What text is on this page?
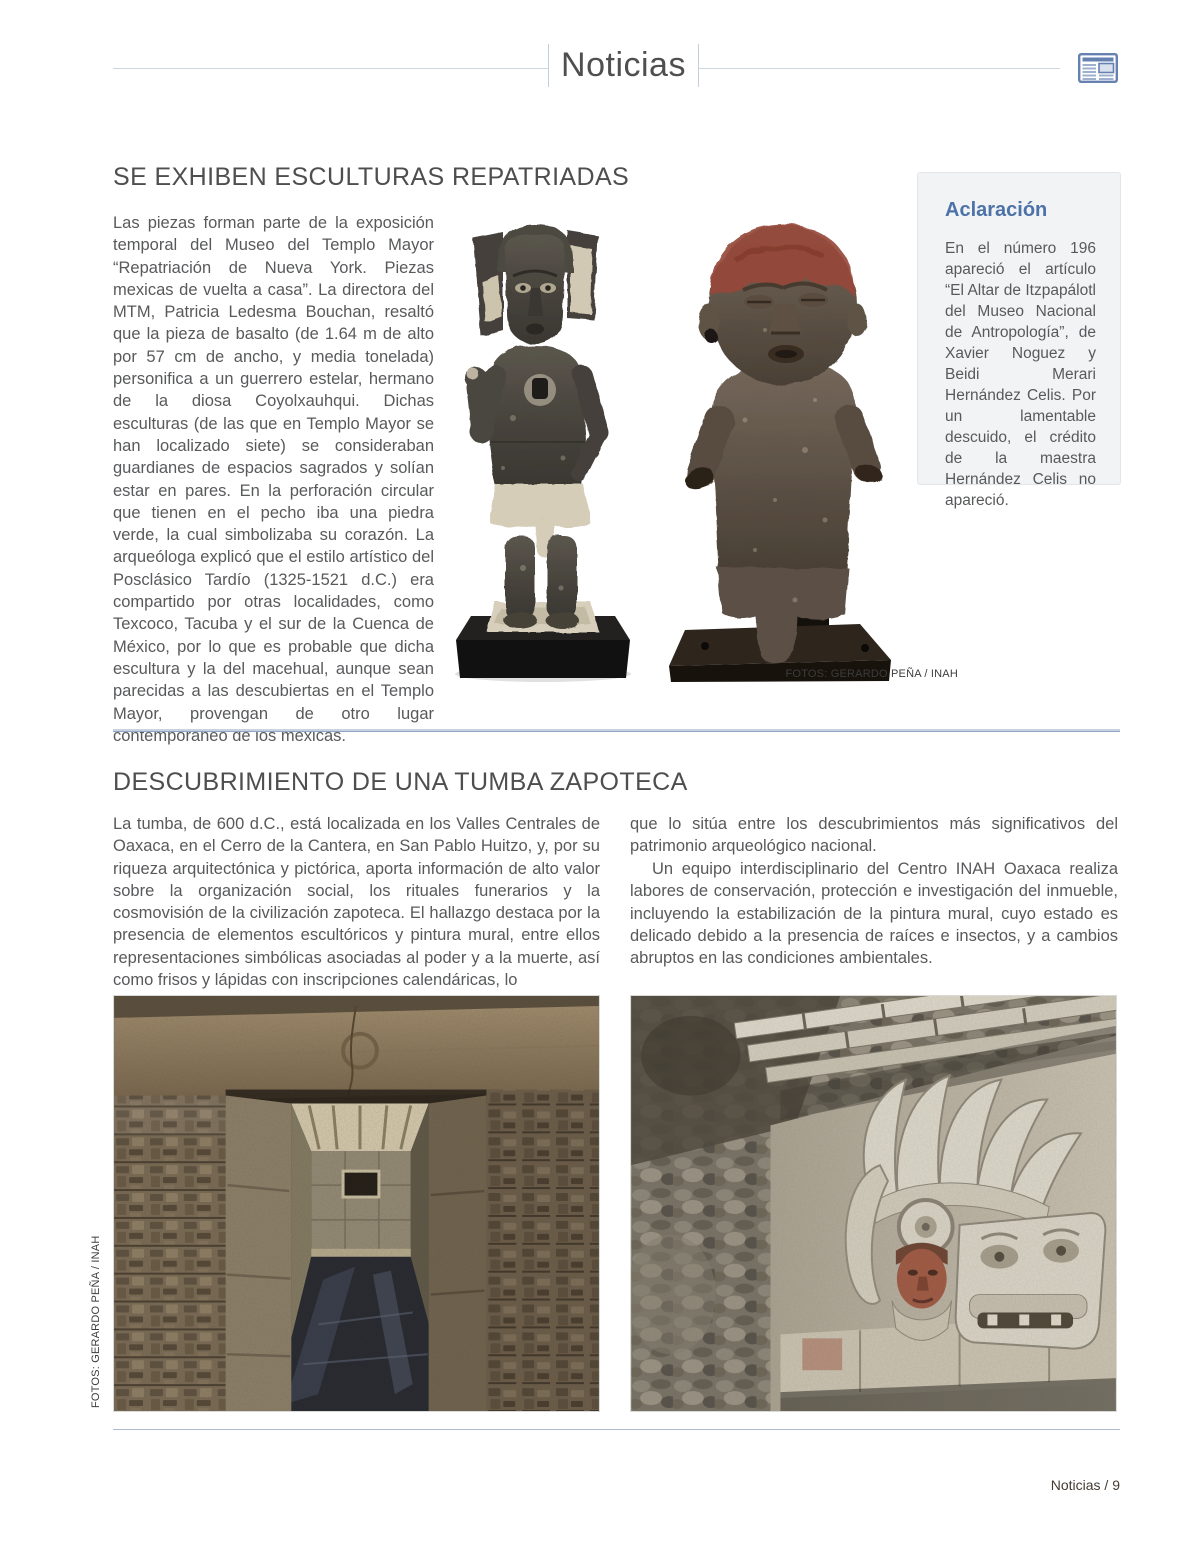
Noticias
SE EXHIBEN ESCULTURAS REPATRIADAS

Las piezas forman parte de la exposición temporal del Museo del Templo Mayor “Repatriación de Nueva York. Piezas mexicas de vuelta a casa”. La directora del MTM, Patricia Ledesma Bouchan, resaltó que la pieza de basalto (de 1.64 m de alto por 57 cm de ancho, y media tonelada) personifica a un guerrero estelar, hermano de la diosa Coyolxauhqui. Dichas esculturas (de las que en Templo Mayor se han localizado siete) se consideraban guardianes de espacios sagrados y solían estar en pares. En la perforación circular que tienen en el pecho iba una piedra verde, la cual simbolizaba su corazón. La arqueóloga explicó que el estilo artístico del Posclásico Tardío (1325-1521 d.C.) era compartido por otras localidades, como Texcoco, Tacuba y el sur de la Cuenca de México, por lo que es probable que dicha escultura y la del macehual, aunque sean parecidas a las descubiertas en el Templo Mayor, provengan de otro lugar contemporáneo de los mexicas.

FOTOS: GERARDO PEÑA / INAH
Aclaración

En el número 196 apareció el artículo “El Altar de Itzpapálotl del Museo Nacional de Antropología”, de Xavier Noguez y Beidi Merari Hernández Celis. Por un lamentable descuido, el crédito de la maestra Hernández Celis no apareció.

DESCUBRIMIENTO DE UNA TUMBA ZAPOTECA

La tumba, de 600 d.C., está localizada en los Valles Centrales de Oaxaca, en el Cerro de la Cantera, en San Pablo Huitzo, y, por su riqueza arquitectónica y pictórica, aporta información de alto valor sobre la organización social, los rituales funerarios y la cosmovisión de la civilización zapoteca. El hallazgo destaca por la presencia de elementos escultóricos y pintura mural, entre ellos representaciones simbólicas asociadas al poder y a la muerte, así como frisos y lápidas con inscripciones calendáricas, lo

que lo sitúa entre los descubrimientos más significativos del patrimonio arqueológico nacional.

Un equipo interdisciplinario del Centro INAH Oaxaca realiza labores de conservación, protección e investigación del inmueble, incluyendo la estabilización de la pintura mural, cuyo estado es delicado debido a la presencia de raíces e insectos, y a cambios abruptos en las condiciones ambientales.

FOTOS: GERARDO PEÑA / INAH
Noticias / 9
